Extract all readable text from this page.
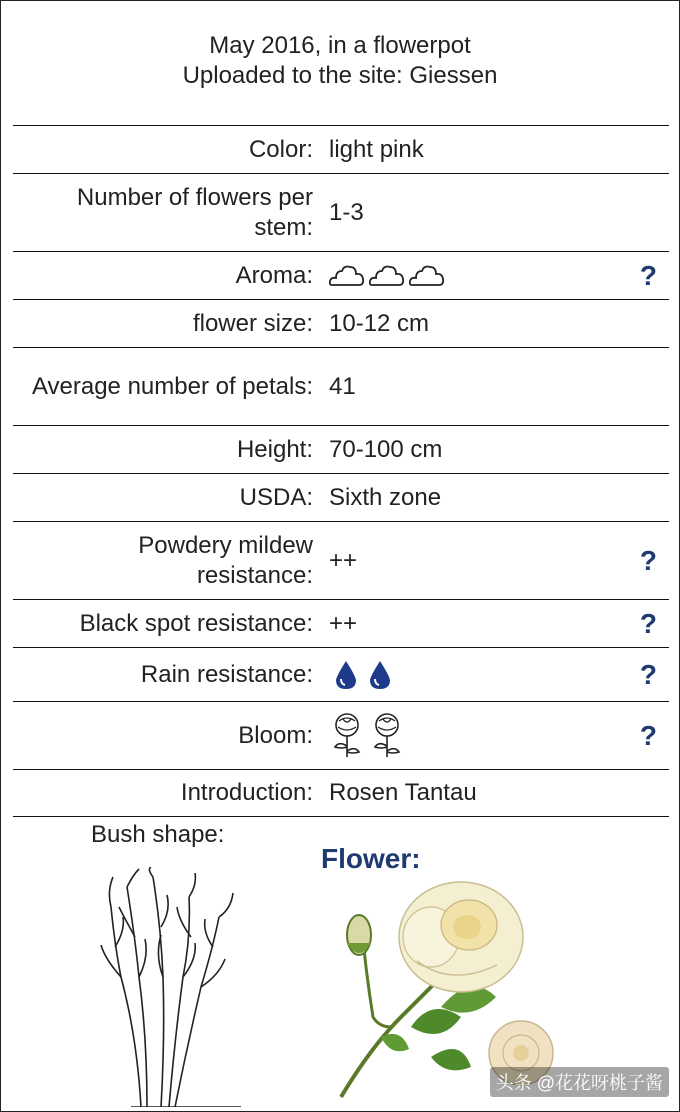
May 2016, in a flowerpot
Uploaded to the site: Giessen
Color: light pink
Number of flowers per stem:
1-3
Aroma:	?
flower size: 10-12 cm
Average number of petals: 41
Height: 70-100 cm
USDA: Sixth zone
Powdery mildew resistance:
++	?
Black spot resistance: ++	?
Rain resistance:	?
Bloom:	?
Introduction: Rosen Tantau
Bush shape:
Flower:
头条 @花花呀桃子酱
